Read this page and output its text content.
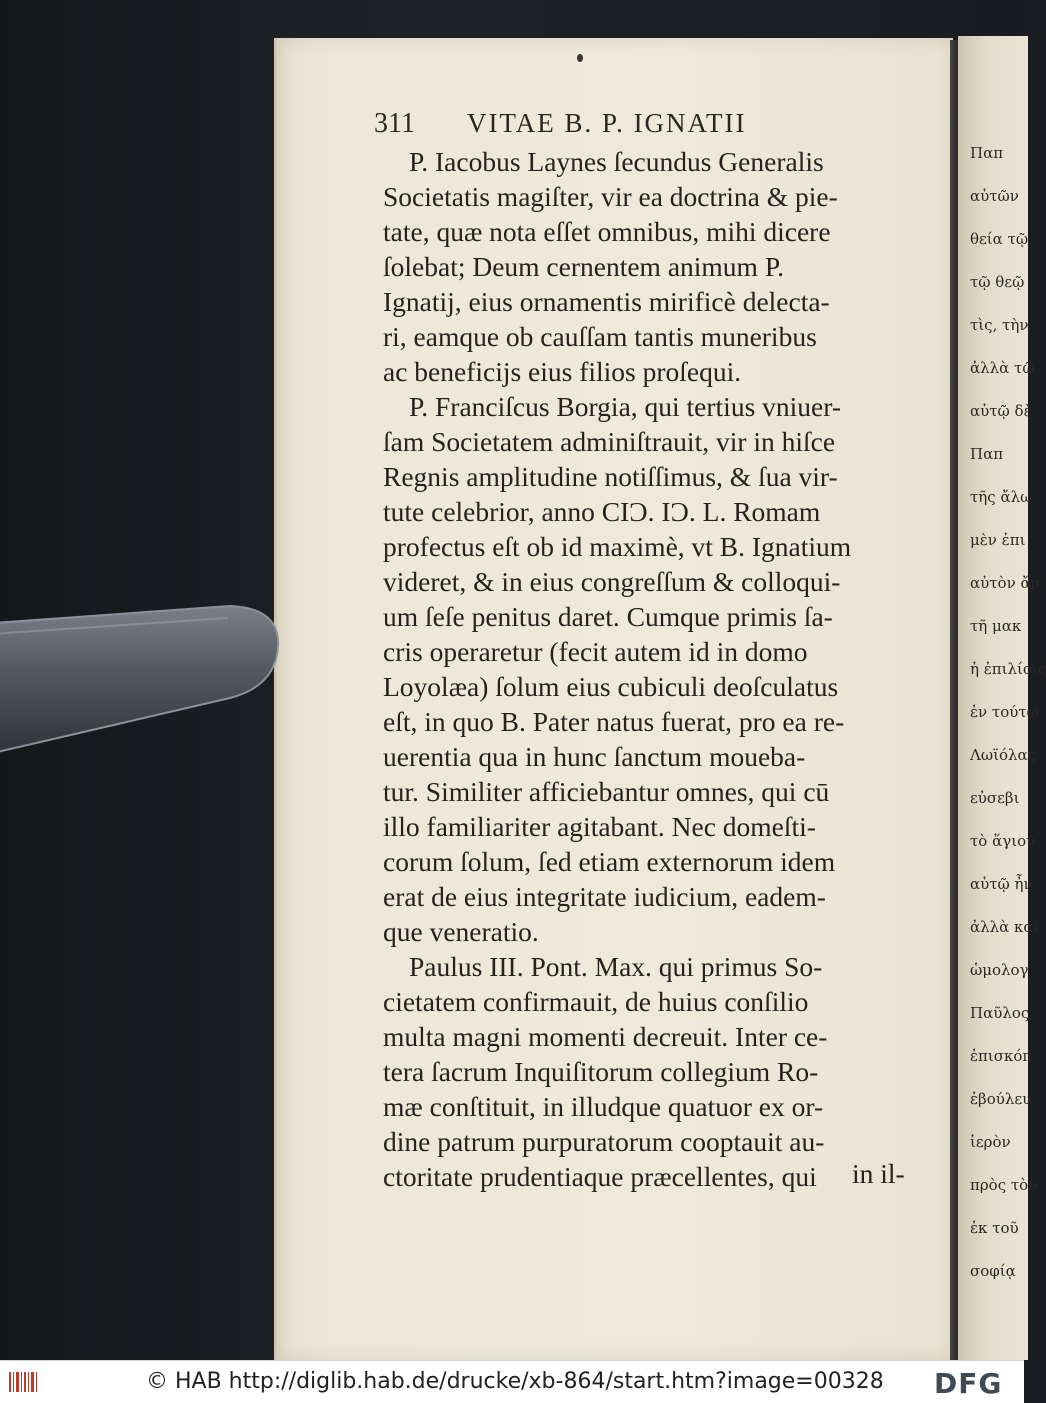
311 VITAE B. P. IGNATII
P. Iacobus Laynes ſecundus Generalis
Societatis magiſter, vir ea doctrina & pie-
tate, quæ nota eſſet omnibus, mihi dicere
ſolebat; Deum cernentem animum P.
Ignatij, eius ornamentis mirificè delecta-
ri, eamque ob cauſſam tantis muneribus
ac beneficijs eius filios proſequi.
P. Franciſcus Borgia, qui tertius vniuer-
ſam Societatem adminiſtrauit, vir in hiſce
Regnis amplitudine notiſſimus, & ſua vir-
tute celebrior, anno CIƆ. IƆ. L. Romam
profectus eſt ob id maximè, vt B. Ignatium
videret, & in eius congreſſum & colloqui-
um ſeſe penitus daret. Cumque primis ſa-
cris operaretur (fecit autem id in domo
Loyolæa) ſolum eius cubiculi deoſculatus
eſt, in quo B. Pater natus fuerat, pro ea re-
uerentia qua in hunc ſanctum moueba-
tur. Similiter afficiebantur omnes, qui cū
illo familiariter agitabant. Nec domeſti-
corum ſolum, ſed etiam externorum idem
erat de eius integritate iudicium, eadem-
que veneratio.
Paulus III. Pont. Max. qui primus So-
cietatem confirmauit, de huius conſilio
multa magni momenti decreuit. Inter ce-
tera ſacrum Inquiſitorum collegium Ro-
mæ conſtituit, in illudque quatuor ex or-
dine patrum purpuratorum cooptauit au-
ctoritate prudentiaque præcellentes, qui	in il-
Παπ
αὐτῶν
θεία τῷ
τῷ θεῷ
τὶς, τὴν
ἀλλὰ τῷ
αὐτῷ δὲ
Παπ
τῆς ἄλω
μὲν ἐπι
αὐτὸν ἄρ
τῆ μακ
ἡ ἐπιλίοις
ἐν τούτῳ
Λωϊόλας
εὐσεβι
τὸ ἅγιον
αὐτῷ ἦν
ἀλλὰ καὶ
ὡμολογ
Παῦλος
ἐπισκόπ
ἐβούλευ
ἱερὸν
πρὸς τὸν
ἐκ τοῦ
σοφίᾳ
© HAB http://diglib.hab.de/drucke/xb-864/start.htm?image=00328 DFG
